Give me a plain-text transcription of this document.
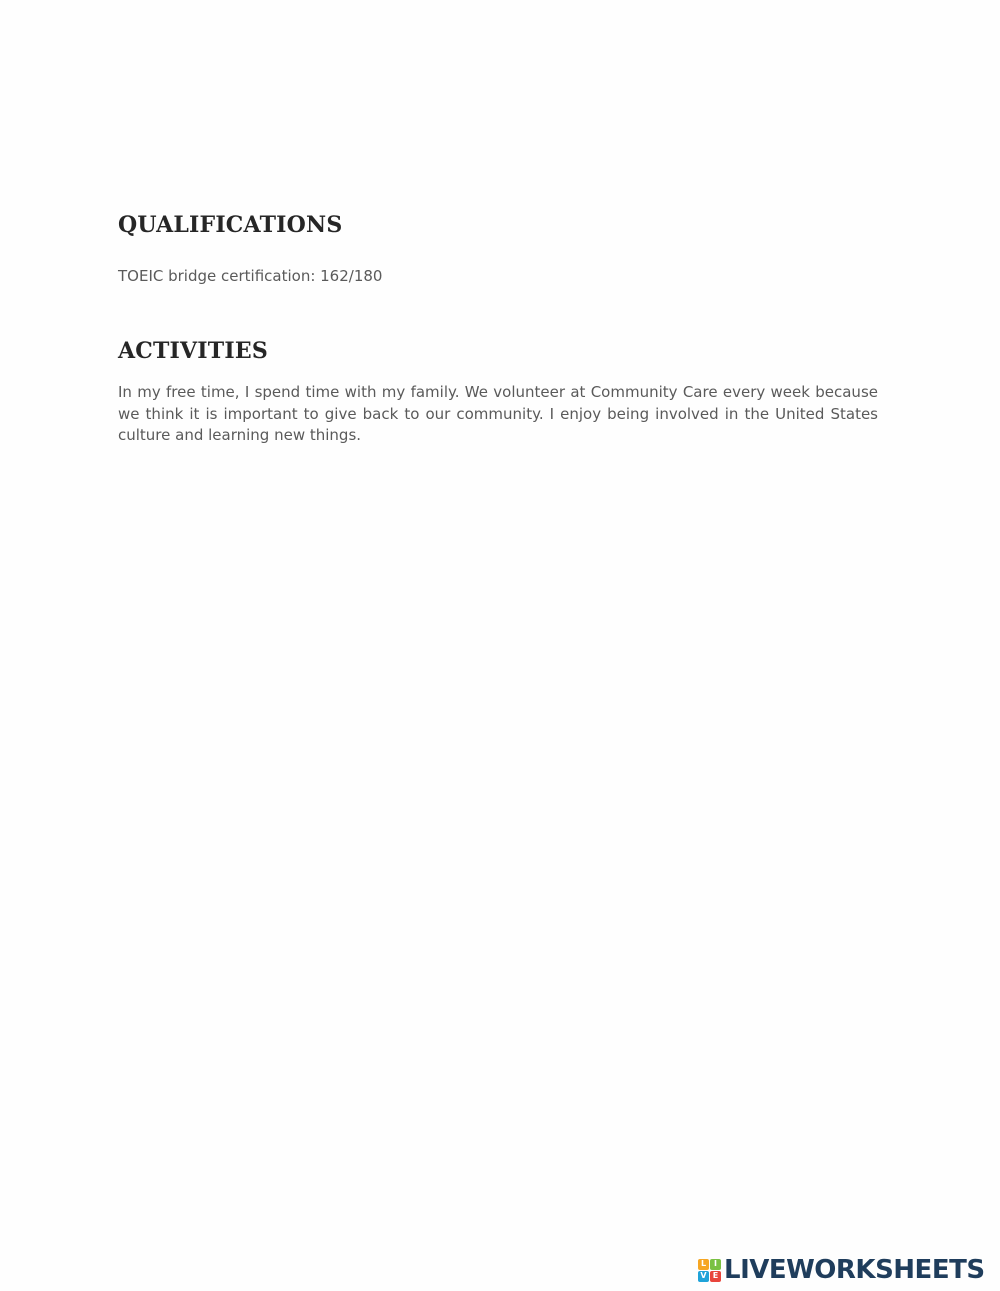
QUALIFICATIONS

TOEIC bridge certification: 162/180

ACTIVITIES

In my free time, I spend time with my family. We volunteer at Community Care every week because we think it is important to give back to our community. I enjoy being involved in the United States culture and learning new things.

L I
V E LIVEWORKSHEETS
